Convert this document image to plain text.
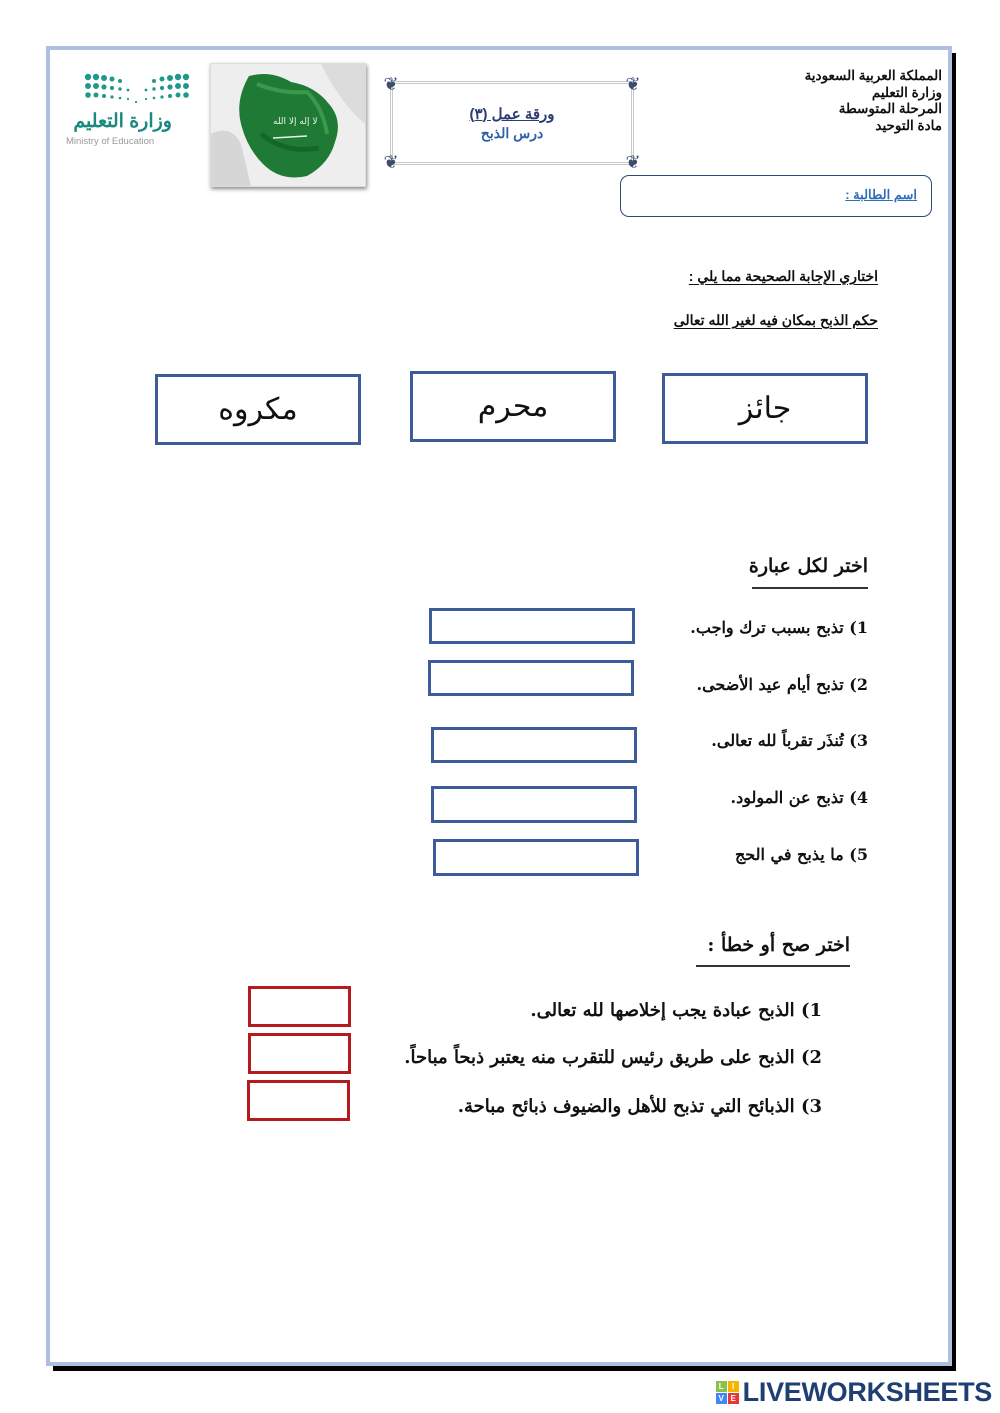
وزارة التعليم
Ministry of Education
لا إله إلا الله
❦	❦
❦	❦
ورقة عمل (٣)
درس الذبح
المملكة العربية السعودية
وزارة التعليم
المرحلة المتوسطة
مادة التوحيد
اسم الطالبة :
اختاري الإجابة الصحيحة مما يلي :
حكم الذبح بمكان فيه لغير الله تعالى
جائز
محرم
مكروه
اختر لكل عبارة
1) تذبح بسبب ترك واجب.
2) تذبح أيام عيد الأضحى.
3) تُنذَر تقرباً لله تعالى.
4) تذبح عن المولود.
5) ما يذبح في الحج
اختر صح أو خطأ :
1) الذبح عبادة يجب إخلاصها لله تعالى.
2) الذبح على طريق رئيس للتقرب منه يعتبر ذبحاً مباحاً.
3) الذبائح التي تذبح للأهل والضيوف ذبائح مباحة.
L	I
V E LIVEWORKSHEETS
